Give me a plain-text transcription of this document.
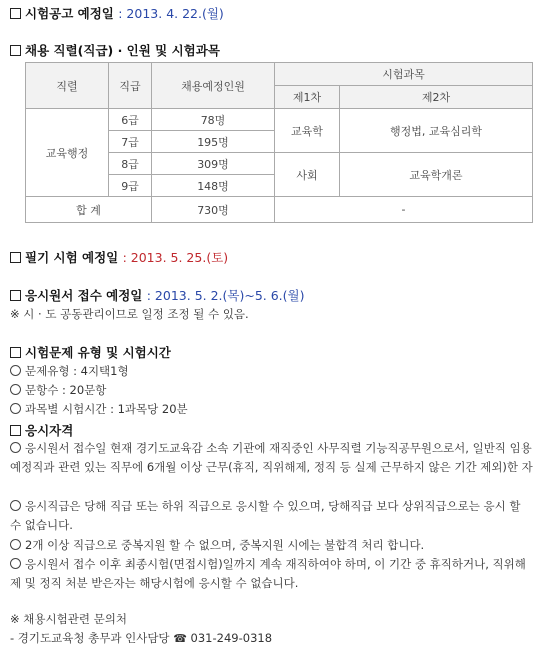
시험공고 예정일 : 2013. 4. 22.(월)
채용 직렬(직급) · 인원 및 시험과목
직렬	직급	채용예정인원	시험과목	
			제1차	제2차
교육행정	6급	78명	교육학	행정법, 교육심리학
	7급	195명		
	8급	309명	사회	교육학개론
	9급	148명		
합 계		730명	-	
필기 시험 예정일 : 2013. 5. 25.(토)
응시원서 접수 예정일 : 2013. 5. 2.(목)~5. 6.(월)
※ 시 · 도 공동관리이므로 일정 조정 될 수 있음.
시험문제 유형 및 시험시간
문제유형 : 4지택1형
문항수 : 20문항
과목별 시험시간 : 1과목당 20분
응시자격
응시원서 접수일 현재 경기도교육감 소속 기관에 재직중인 사무직렬 기능직공무원으로서, 일반직 임용예정직과 관련 있는 직무에 6개월 이상 근무(휴직, 직위해제, 정직 등 실제 근무하지 않은 기간 제외)한 자
응시직급은 당해 직급 또는 하위 직급으로 응시할 수 있으며, 당해직급 보다 상위직급으로는 응시 할 수 없습니다.
2개 이상 직급으로 중복지원 할 수 없으며, 중복지원 시에는 불합격 처리 합니다.
응시원서 접수 이후 최종시험(면접시험)일까지 계속 재직하여야 하며, 이 기간 중 휴직하거나, 직위해제 및 정직 처분 받은자는 해당시험에 응시할 수 없습니다.
※ 채용시험관련 문의처
- 경기도교육청 총무과 인사담당 ☎ 031-249-0318
